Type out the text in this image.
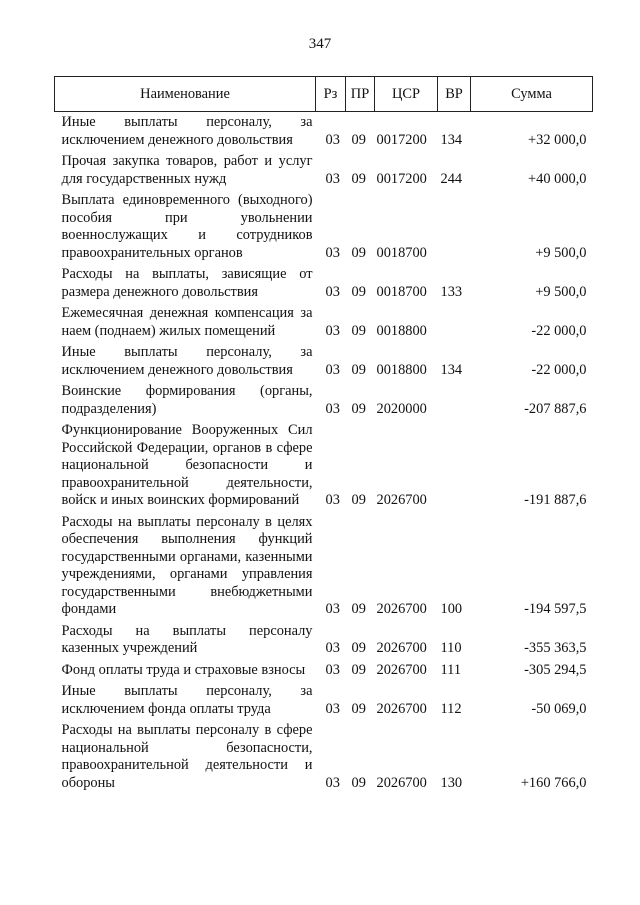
347
Наименование	Рз	ПР	ЦСР	ВР	Сумма
Иные выплаты персоналу, за исключением денежного довольствия	03	09	0017200	134	+32 000,0
Прочая закупка товаров, работ и услуг для государственных нужд	03	09	0017200	244	+40 000,0
Выплата единовременного (выходного) пособия при увольнении военнослужащих и сотрудников правоохранительных органов	03	09	0018700		+9 500,0
Расходы на выплаты, зависящие от размера денежного довольствия	03	09	0018700	133	+9 500,0
Ежемесячная денежная компенсация за наем (поднаем) жилых помещений	03	09	0018800		-22 000,0
Иные выплаты персоналу, за исключением денежного довольствия	03	09	0018800	134	-22 000,0
Воинские формирования (органы, подразделения)	03	09	2020000		-207 887,6
Функционирование Вооруженных Сил Российской Федерации, органов в сфере национальной безопасности и правоохранительной деятельности, войск и иных воинских формирований	03	09	2026700		-191 887,6
Расходы на выплаты персоналу в целях обеспечения выполнения функций государственными органами, казенными учреждениями, органами управления государственными внебюджетными фондами	03	09	2026700	100	-194 597,5
Расходы на выплаты персоналу казенных учреждений	03	09	2026700	110	-355 363,5
Фонд оплаты труда и страховые взносы	03	09	2026700	111	-305 294,5
Иные выплаты персоналу, за исключением фонда оплаты труда	03	09	2026700	112	-50 069,0
Расходы на выплаты персоналу в сфере национальной безопасности, правоохранительной деятельности и обороны	03	09	2026700	130	+160 766,0
